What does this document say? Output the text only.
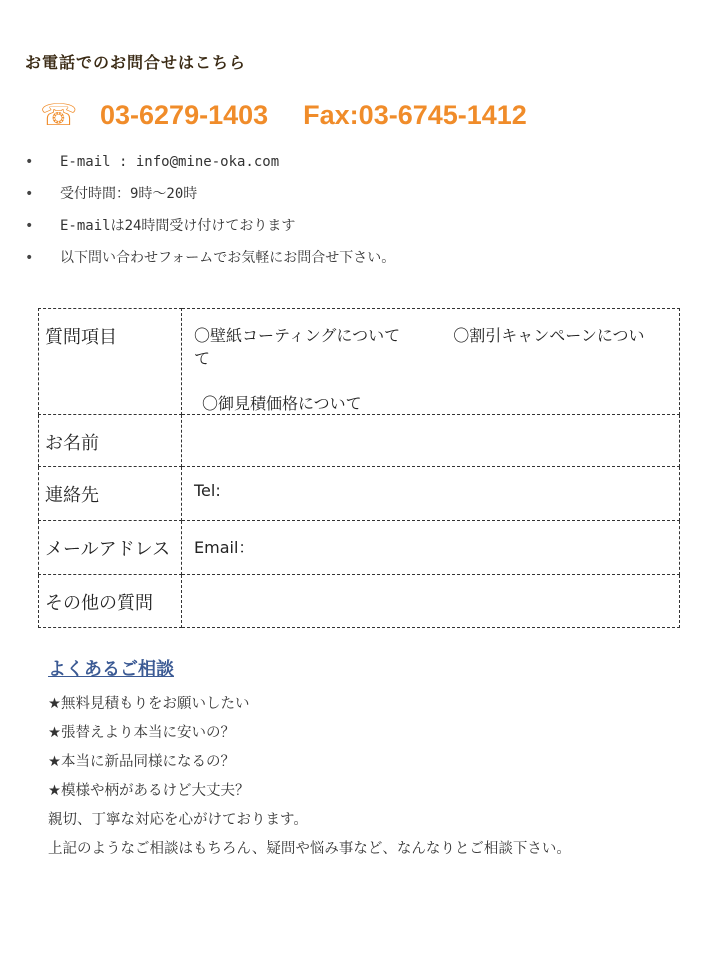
お電話でのお問合せはこちら
☏ 03-6279-1403 Fax:03-6745-1412
•	E-mail : info@mine-oka.com
•	受付時間：9時～20時
•	E-mailは24時間受け付けております
•	以下問い合わせフォームでお気軽にお問合せ下さい。
質問項目	〇壁紙コーティングについて 〇割引キャンペーンについて
〇御見積価格について

お名前	
連絡先	Tel:
メールアドレス	Email：
その他の質問	
よくあるご相談
★無料見積もりをお願いしたい
★張替えより本当に安いの？
★本当に新品同様になるの？
★模様や柄があるけど大丈夫？
親切、丁寧な対応を心がけております。
上記のようなご相談はもちろん、疑問や悩み事など、なんなりとご相談下さい。
